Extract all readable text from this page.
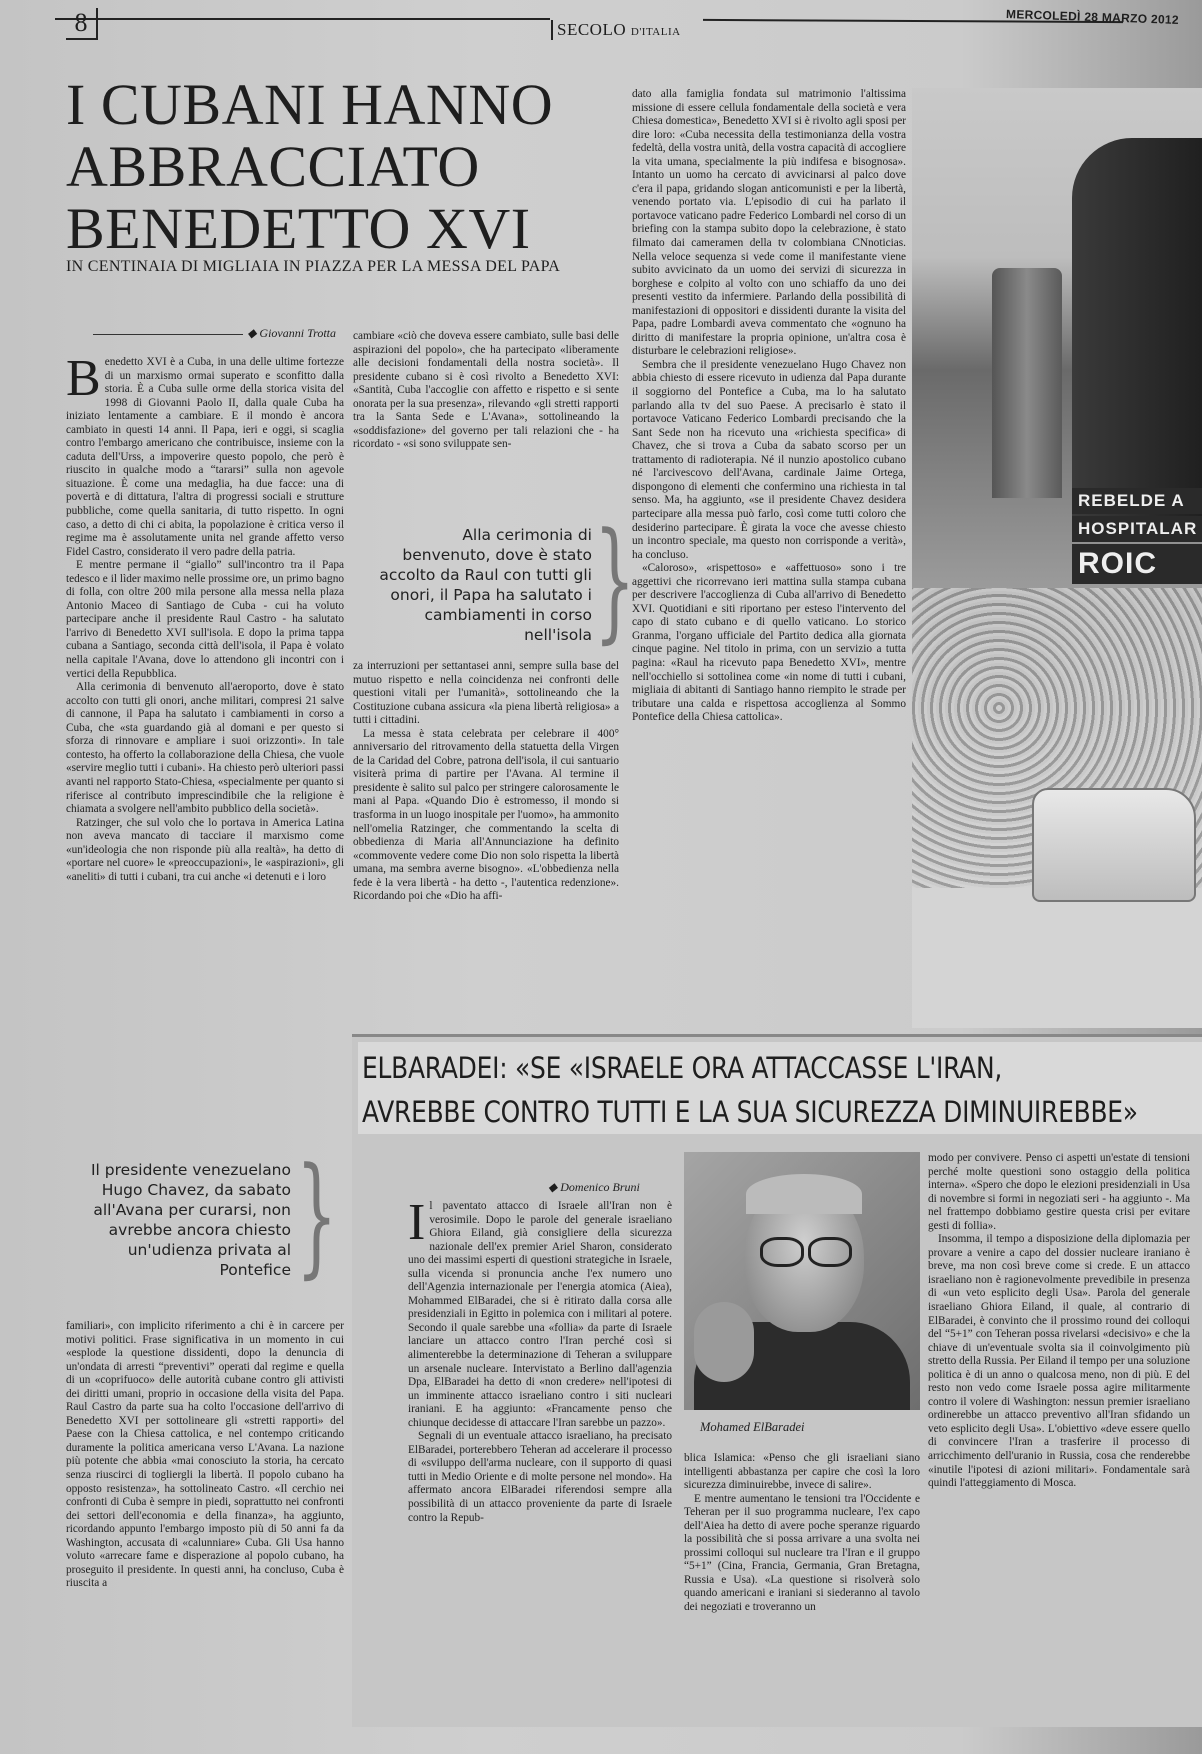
8	SECOLO D'ITALIA
MERCOLEDÌ 28 MARZO 2012
I CUBANI HANNO ABBRACCIATO BENEDETTO XVI
IN CENTINAIA DI MIGLIAIA IN PIAZZA PER LA MESSA DEL PAPA
◆ Giovanni Trotta
B enedetto XVI è a Cuba, in una delle ultime fortezze di un marxismo ormai superato e sconfitto dalla storia. È a Cuba sulle orme della storica visita del 1998 di Giovanni Paolo II, dalla quale Cuba ha iniziato lentamente a cambiare. E il mondo è ancora cambiato in questi 14 anni. Il Papa, ieri e oggi, si scaglia contro l'embargo americano che contribuisce, insieme con la caduta dell'Urss, a impoverire questo popolo, che però è riuscito in qualche modo a “tararsi” sulla non agevole situazione. È come una medaglia, ha due facce: una di povertà e di dittatura, l'altra di progressi sociali e strutture pubbliche, come quella sanitaria, di tutto rispetto. In ogni caso, a detto di chi ci abita, la popolazione è critica verso il regime ma è assolutamente unita nel grande affetto verso Fidel Castro, considerato il vero padre della patria.

E mentre permane il “giallo” sull'incontro tra il Papa tedesco e il lìder maximo nelle prossime ore, un primo bagno di folla, con oltre 200 mila persone alla messa nella plaza Antonio Maceo di Santiago de Cuba - cui ha voluto partecipare anche il presidente Raul Castro - ha salutato l'arrivo di Benedetto XVI sull'isola. E dopo la prima tappa cubana a Santiago, seconda città dell'isola, il Papa è volato nella capitale l'Avana, dove lo attendono gli incontri con i vertici della Repubblica.

Alla cerimonia di benvenuto all'aeroporto, dove è stato accolto con tutti gli onori, anche militari, compresi 21 salve di cannone, il Papa ha salutato i cambiamenti in corso a Cuba, che «sta guardando già al domani e per questo si sforza di rinnovare e ampliare i suoi orizzonti». In tale contesto, ha offerto la collaborazione della Chiesa, che vuole «servire meglio tutti i cubani». Ha chiesto però ulteriori passi avanti nel rapporto Stato-Chiesa, «specialmente per quanto si riferisce al contributo imprescindibile che la religione è chiamata a svolgere nell'ambito pubblico della società».

Ratzinger, che sul volo che lo portava in America Latina non aveva mancato di tacciare il marxismo come «un'ideologia che non risponde più alla realtà», ha detto di «portare nel cuore» le «preoccupazioni», le «aspirazioni», gli «aneliti» di tutti i cubani, tra cui anche «i detenuti e i loro

Il presidente venezuelano Hugo Chavez, da sabato all'Avana per curarsi, non avrebbe ancora chiesto un'udienza privata al Pontefice }

familiari», con implicito riferimento a chi è in carcere per motivi politici. Frase significativa in un momento in cui «esplode la questione dissidenti, dopo la denuncia di un'ondata di arresti “preventivi” operati dal regime e quella di un «coprifuoco» delle autorità cubane contro gli attivisti dei diritti umani, proprio in occasione della visita del Papa. Raul Castro da parte sua ha colto l'occasione dell'arrivo di Benedetto XVI per sottolineare gli «stretti rapporti» del Paese con la Chiesa cattolica, e nel contempo criticando duramente la politica americana verso L'Avana. La nazione più potente che abbia «mai conosciuto la storia, ha cercato senza riuscirci di togliergli la libertà. Il popolo cubano ha opposto resistenza», ha sottolineato Castro. «Il cerchio nei confronti di Cuba è sempre in piedi, soprattutto nei confronti dei settori dell'economia e della finanza», ha aggiunto, ricordando appunto l'embargo imposto più di 50 anni fa da Washington, accusata di «calunniare» Cuba. Gli Usa hanno voluto «arrecare fame e disperazione al popolo cubano, ha proseguito il presidente. In questi anni, ha concluso, Cuba è riuscita a

cambiare «ciò che doveva essere cambiato, sulle basi delle aspirazioni del popolo», che ha partecipato «liberamente alle decisioni fondamentali della nostra società». Il presidente cubano si è così rivolto a Benedetto XVI: «Santità, Cuba l'accoglie con affetto e rispetto e si sente onorata per la sua presenza», rilevando «gli stretti rapporti tra la Santa Sede e L'Avana», sottolineando la «soddisfazione» del governo per tali relazioni che - ha ricordato - «si sono sviluppate sen-

Alla cerimonia di benvenuto, dove è stato accolto da Raul con tutti gli onori, il Papa ha salutato i cambiamenti in corso nell'isola }

za interruzioni per settantasei anni, sempre sulla base del mutuo rispetto e nella coincidenza nei confronti delle questioni vitali per l'umanità», sottolineando che la Costituzione cubana assicura «la piena libertà religiosa» a tutti i cittadini.

La messa è stata celebrata per celebrare il 400° anniversario del ritrovamento della statuetta della Virgen de la Caridad del Cobre, patrona dell'isola, il cui santuario visiterà prima di partire per l'Avana. Al termine il presidente è salito sul palco per stringere calorosamente le mani al Papa. «Quando Dio è estromesso, il mondo si trasforma in un luogo inospitale per l'uomo», ha ammonito nell'omelia Ratzinger, che commentando la scelta di obbedienza di Maria all'Annunciazione ha definito «commovente vedere come Dio non solo rispetta la libertà umana, ma sembra averne bisogno». «L'obbedienza nella fede è la vera libertà - ha detto -, l'autentica redenzione». Ricordando poi che «Dio ha affi-

dato alla famiglia fondata sul matrimonio l'altissima missione di essere cellula fondamentale della società e vera Chiesa domestica», Benedetto XVI si è rivolto agli sposi per dire loro: «Cuba necessita della testimonianza della vostra fedeltà, della vostra unità, della vostra capacità di accogliere la vita umana, specialmente la più indifesa e bisognosa». Intanto un uomo ha cercato di avvicinarsi al palco dove c'era il papa, gridando slogan anticomunisti e per la libertà, venendo portato via. L'episodio di cui ha parlato il portavoce vaticano padre Federico Lombardi nel corso di un briefing con la stampa subito dopo la celebrazione, è stato filmato dai cameramen della tv colombiana CNnoticias. Nella veloce sequenza si vede come il manifestante viene subito avvicinato da un uomo dei servizi di sicurezza in borghese e colpito al volto con uno schiaffo da uno dei presenti vestito da infermiere. Parlando della possibilità di manifestazioni di oppositori e dissidenti durante la visita del Papa, padre Lombardi aveva commentato che «ognuno ha diritto di manifestare la propria opinione, un'altra cosa è disturbare le celebrazioni religiose».

Sembra che il presidente venezuelano Hugo Chavez non abbia chiesto di essere ricevuto in udienza dal Papa durante il soggiorno del Pontefice a Cuba, ma lo ha salutato parlando alla tv del suo Paese. A precisarlo è stato il portavoce Vaticano Federico Lombardi precisando che la Sant Sede non ha ricevuto una «richiesta specifica» di Chavez, che si trova a Cuba da sabato scorso per un trattamento di radioterapia. Né il nunzio apostolico cubano né l'arcivescovo dell'Avana, cardinale Jaime Ortega, dispongono di elementi che confermino una richiesta in tal senso. Ma, ha aggiunto, «se il presidente Chavez desidera partecipare alla messa può farlo, così come tutti coloro che desiderino partecipare. È girata la voce che avesse chiesto un incontro speciale, ma questo non corrisponde a verità», ha concluso.

«Caloroso», «rispettoso» e «affettuoso» sono i tre aggettivi che ricorrevano ieri mattina sulla stampa cubana per descrivere l'accoglienza di Cuba all'arrivo di Benedetto XVI. Quotidiani e siti riportano per esteso l'intervento del capo di stato cubano e di quello vaticano. Lo storico Granma, l'organo ufficiale del Partito dedica alla giornata cinque pagine. Nel titolo in prima, con un servizio a tutta pagina: «Raul ha ricevuto papa Benedetto XVI», mentre nell'occhiello si sottolinea come «in nome di tutti i cubani, migliaia di abitanti di Santiago hanno riempito le strade per tributare una calda e rispettosa accoglienza al Sommo Pontefice della Chiesa cattolica».

REBELDE A
HOSPITALAR
ROIC
ELBARADEI: «SE «ISRAELE ORA ATTACCASSE L'IRAN,
AVREBBE CONTRO TUTTI E LA SUA SICUREZZA DIMINUIREBBE»
◆ Domenico Bruni
I l paventato attacco di Israele all'Iran non è verosimile. Dopo le parole del generale israeliano Ghiora Eiland, già consigliere della sicurezza nazionale dell'ex premier Ariel Sharon, considerato uno dei massimi esperti di questioni strategiche in Israele, sulla vicenda si pronuncia anche l'ex numero uno dell'Agenzia internazionale per l'energia atomica (Aiea), Mohammed ElBaradei, che si è ritirato dalla corsa alle presidenziali in Egitto in polemica con i militari al potere. Secondo il quale sarebbe una «follia» da parte di Israele lanciare un attacco contro l'Iran perché così si alimenterebbe la determinazione di Teheran a sviluppare un arsenale nucleare. Intervistato a Berlino dall'agenzia Dpa, ElBaradei ha detto di «non credere» nell'ipotesi di un imminente attacco israeliano contro i siti nucleari iraniani. E ha aggiunto: «Francamente penso che chiunque decidesse di attaccare l'Iran sarebbe un pazzo».

Segnali di un eventuale attacco israeliano, ha precisato ElBaradei, porterebbero Teheran ad accelerare il processo di «sviluppo dell'arma nucleare, con il supporto di quasi tutti in Medio Oriente e di molte persone nel mondo». Ha affermato ancora ElBaradei riferendosi sempre alla possibilità di un attacco proveniente da parte di Israele contro la Repub-

Mohamed ElBaradei

blica Islamica: «Penso che gli israeliani siano intelligenti abbastanza per capire che così la loro sicurezza diminuirebbe, invece di salire».

E mentre aumentano le tensioni tra l'Occidente e Teheran per il suo programma nucleare, l'ex capo dell'Aiea ha detto di avere poche speranze riguardo la possibilità che si possa arrivare a una svolta nei prossimi colloqui sul nucleare tra l'Iran e il gruppo “5+1” (Cina, Francia, Germania, Gran Bretagna, Russia e Usa). «La questione si risolverà solo quando americani e iraniani si siederanno al tavolo dei negoziati e troveranno un

modo per convivere. Penso ci aspetti un'estate di tensioni perché molte questioni sono ostaggio della politica interna». «Spero che dopo le elezioni presidenziali in Usa di novembre si formi in negoziati seri - ha aggiunto -. Ma nel frattempo dobbiamo gestire questa crisi per evitare gesti di follia».

Insomma, il tempo a disposizione della diplomazia per provare a venire a capo del dossier nucleare iraniano è breve, ma non così breve come si crede. E un attacco israeliano non è ragionevolmente prevedibile in presenza di «un veto esplicito degli Usa». Parola del generale israeliano Ghiora Eiland, il quale, al contrario di ElBaradei, è convinto che il prossimo round dei colloqui del “5+1” con Teheran possa rivelarsi «decisivo» e che la chiave di un'eventuale svolta sia il coinvolgimento più stretto della Russia. Per Eiland il tempo per una soluzione politica è di un anno o qualcosa meno, non di più. E del resto non vedo come Israele possa agire militarmente contro il volere di Washington: nessun premier israeliano ordinerebbe un attacco preventivo all'Iran sfidando un veto esplicito degli Usa». L'obiettivo «deve essere quello di convincere l'Iran a trasferire il processo di arricchimento dell'uranio in Russia, cosa che renderebbe «inutile l'ipotesi di azioni militari». Fondamentale sarà quindi l'atteggiamento di Mosca.
